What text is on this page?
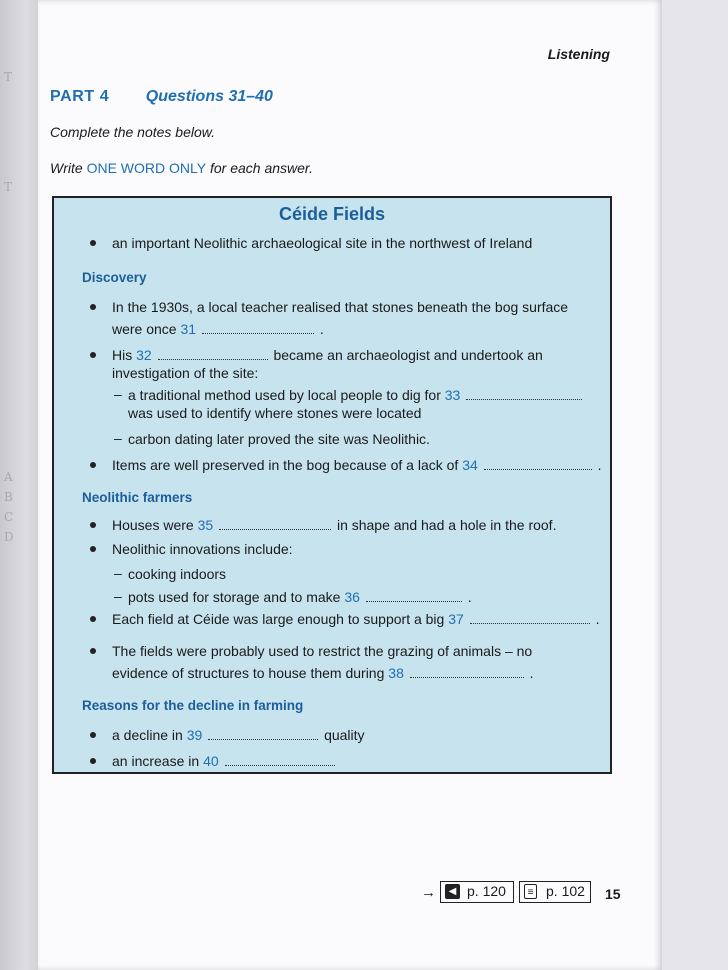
T
T
A
B
C
D
Listening
PART 4 Questions 31–40
Complete the notes below.
Write ONE WORD ONLY for each answer.
Céide Fields
an important Neolithic archaeological site in the northwest of Ireland
Discovery
In the 1930s, a local teacher realised that stones beneath the bog surface
were once 31	.
His 32	became an archaeologist and undertook an
investigation of the site:
– a traditional method used by local people to dig for 33
was used to identify where stones were located
– carbon dating later proved the site was Neolithic.
Items are well preserved in the bog because of a lack of 34	.
Neolithic farmers
Houses were 35	in shape and had a hole in the roof.
Neolithic innovations include:
– cooking indoors
– pots used for storage and to make 36	.
Each field at Céide was large enough to support a big 37	.
The fields were probably used to restrict the grazing of animals – no
evidence of structures to house them during 38	.
Reasons for the decline in farming
a decline in 39	quality
an increase in 40
→	◀ p. 120	≡ p. 102	15
